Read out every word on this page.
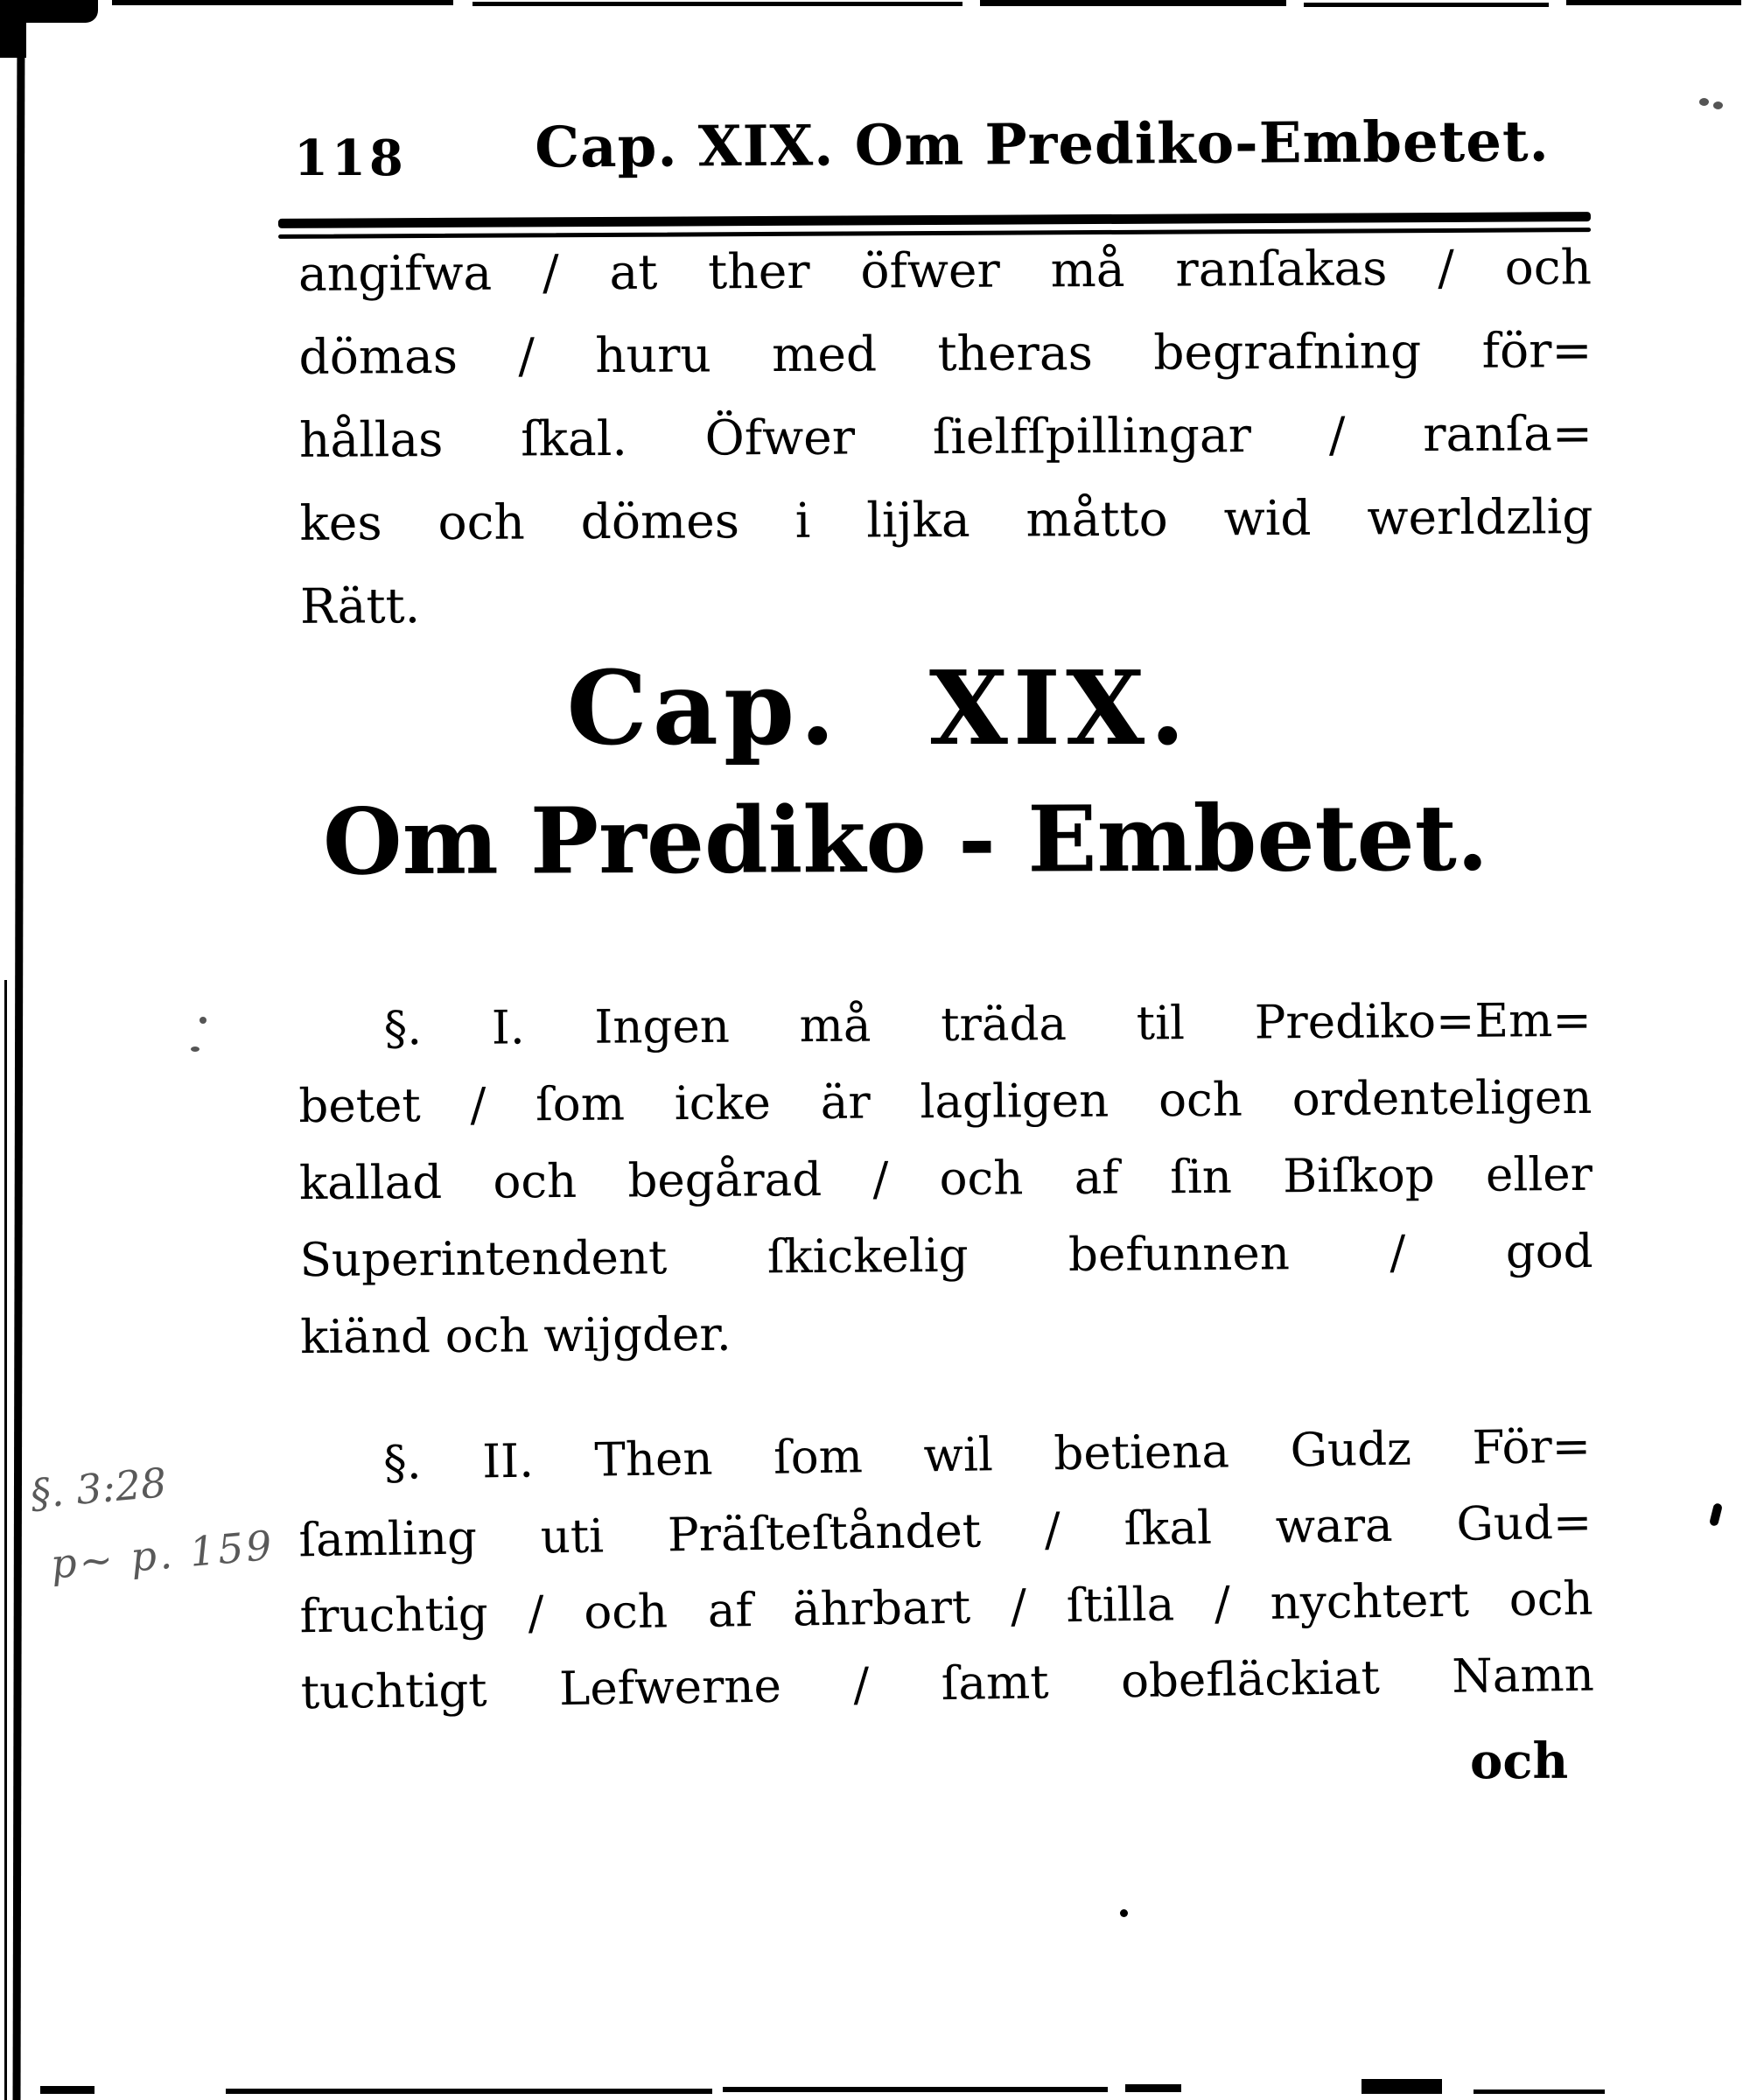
118	Cap. XIX. Om Prediko-Embetet.
angifwa / at ther öfwer må ranſakas / och
dömas / huru med theras begrafning för=
hållas ſkal. Öfwer ſielfſpillingar / ranſa=
kes och dömes i lijka måtto wid werldzlig
Rätt.
Cap. XIX.
Om Prediko - Embetet.
§. I. Ingen må träda til Prediko=Em=
betet / ſom icke är lagligen och ordenteligen
kallad och begårad / och af ſin Biſkop eller
Superintendent ſkickelig befunnen / god
kiänd och wijgder.
§. II. Then ſom wil betiena Gudz För=
ſamling uti Präſteſtåndet / ſkal wara Gud=
fruchtig / och af ährbart / ſtilla / nychtert och
tuchtigt Lefwerne / ſamt obefläckiat Namn
och
§. 3:28
p~ p. 159
